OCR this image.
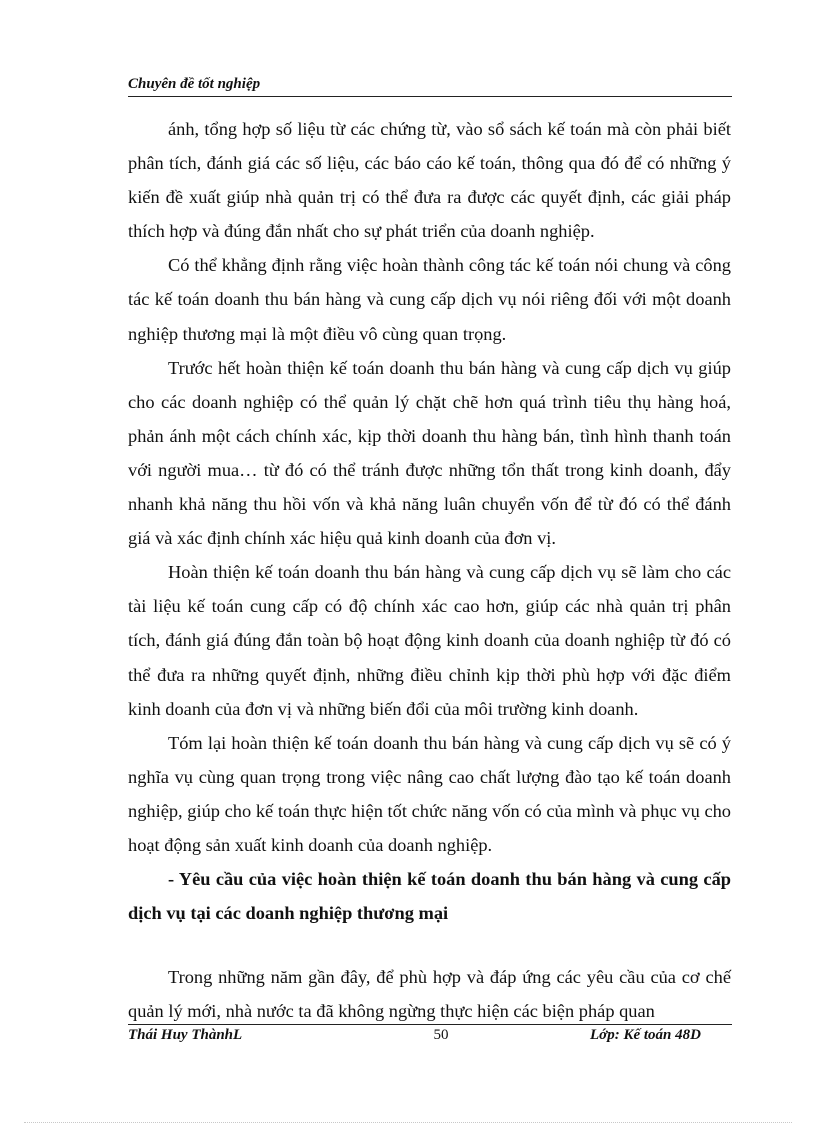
Chuyên đề tốt nghiệp

ánh, tổng hợp số liệu từ các chứng từ, vào sổ sách kế toán mà còn phải biết phân tích, đánh giá các số liệu, các báo cáo kế toán, thông qua đó để có những ý kiến đề xuất giúp nhà quản trị có thể đưa ra được các quyết định, các giải pháp thích hợp và đúng đắn nhất cho sự phát triển của doanh nghiệp.

Có thể khẳng định rằng việc hoàn thành công tác kế toán nói chung và công tác kế toán doanh thu bán hàng và cung cấp dịch vụ nói riêng đối với một doanh nghiệp thương mại là một điều vô cùng quan trọng.

Trước hết hoàn thiện kế toán doanh thu bán hàng và cung cấp dịch vụ giúp cho các doanh nghiệp có thể quản lý chặt chẽ hơn quá trình tiêu thụ hàng hoá, phản ánh một cách chính xác, kịp thời doanh thu hàng bán, tình hình thanh toán với người mua… từ đó có thể tránh được những tổn thất trong kinh doanh, đẩy nhanh khả năng thu hồi vốn và khả năng luân chuyển vốn để từ đó có thể đánh giá và xác định chính xác hiệu quả kinh doanh của đơn vị.

Hoàn thiện kế toán doanh thu bán hàng và cung cấp dịch vụ sẽ làm cho các tài liệu kế toán cung cấp có độ chính xác cao hơn, giúp các nhà quản trị phân tích, đánh giá đúng đắn toàn bộ hoạt động kinh doanh của doanh nghiệp từ đó có thể đưa ra những quyết định, những điều chỉnh kịp thời phù hợp với đặc điểm kinh doanh của đơn vị và những biến đổi của môi trường kinh doanh.

Tóm lại hoàn thiện kế toán doanh thu bán hàng và cung cấp dịch vụ sẽ có ý nghĩa vụ cùng quan trọng trong việc nâng cao chất lượng đào tạo kế toán doanh nghiệp, giúp cho kế toán thực hiện tốt chức năng vốn có của mình và phục vụ cho hoạt động sản xuất kinh doanh của doanh nghiệp.

- Yêu cầu của việc hoàn thiện kế toán doanh thu bán hàng và cung cấp dịch vụ tại các doanh nghiệp thương mại

Trong những năm gần đây, để phù hợp và đáp ứng các yêu cầu của cơ chế quản lý mới, nhà nước ta đã không ngừng thực hiện các biện pháp quan

Thái Huy ThànhL	50	Lớp: Kế toán 48D
